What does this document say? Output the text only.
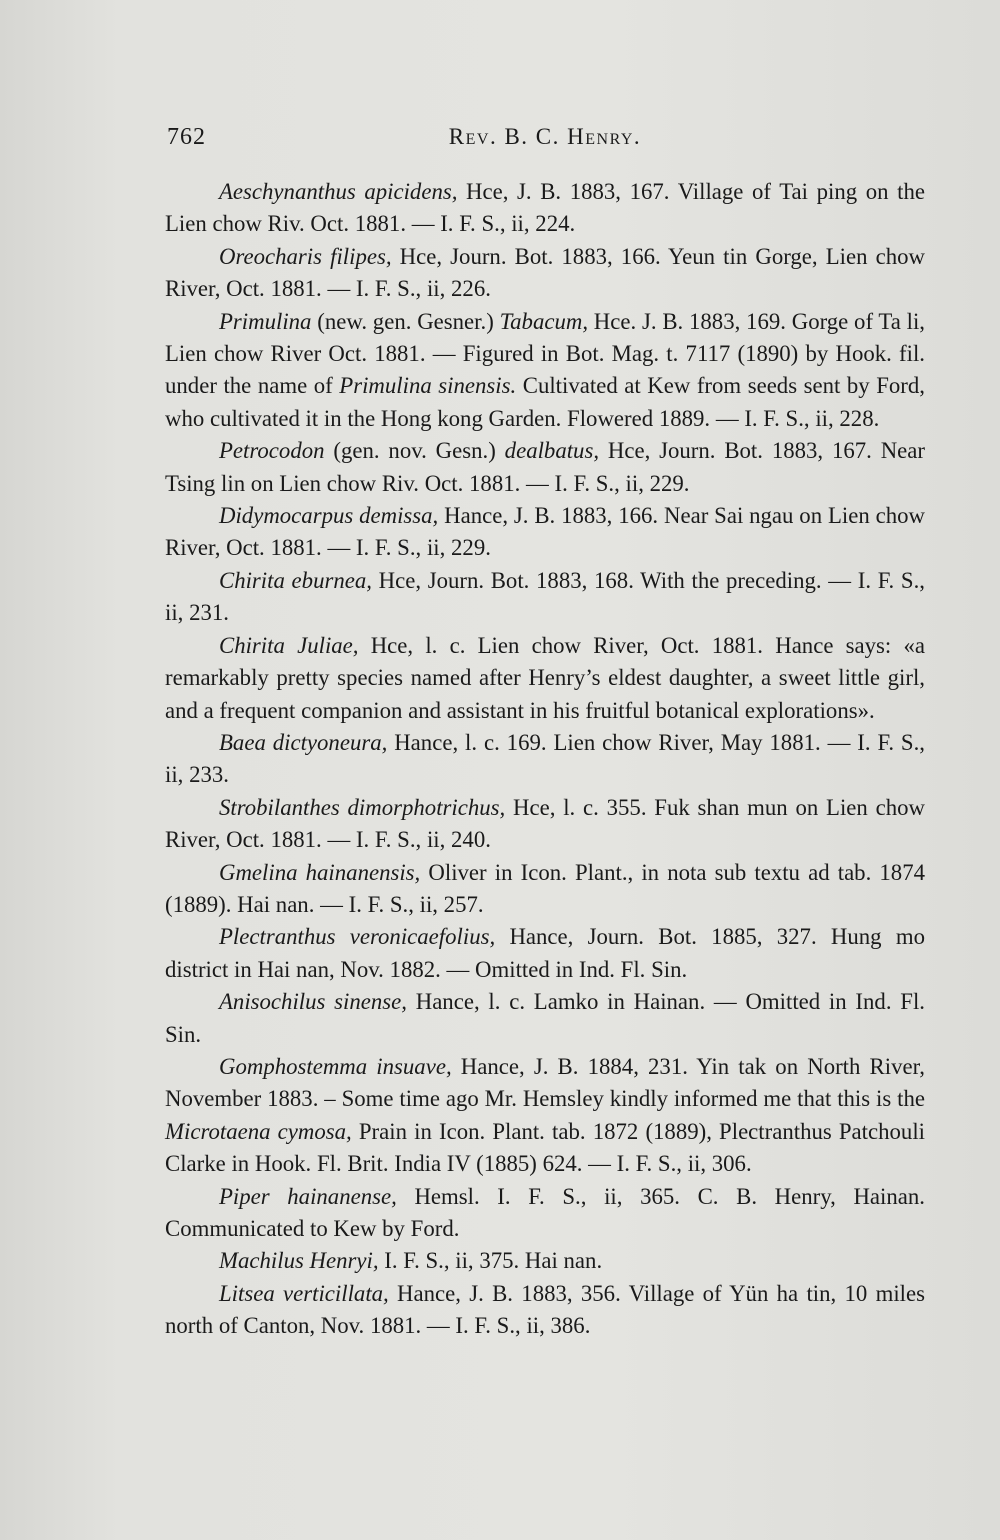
762	Rev. B. C. Henry.

Aeschynanthus apicidens, Hce, J. B. 1883, 167. Village of Tai ping on the Lien chow Riv. Oct. 1881. — I. F. S., ii, 224.

Oreocharis filipes, Hce, Journ. Bot. 1883, 166. Yeun tin Gorge, Lien chow River, Oct. 1881. — I. F. S., ii, 226.

Primulina (new. gen. Gesner.) Tabacum, Hce. J. B. 1883, 169. Gorge of Ta li, Lien chow River Oct. 1881. — Figured in Bot. Mag. t. 7117 (1890) by Hook. fil. under the name of Primulina sinensis. Cultivated at Kew from seeds sent by Ford, who cultivated it in the Hong kong Garden. Flowered 1889. — I. F. S., ii, 228.

Petrocodon (gen. nov. Gesn.) dealbatus, Hce, Journ. Bot. 1883, 167. Near Tsing lin on Lien chow Riv. Oct. 1881. — I. F. S., ii, 229.

Didymocarpus demissa, Hance, J. B. 1883, 166. Near Sai ngau on Lien chow River, Oct. 1881. — I. F. S., ii, 229.

Chirita eburnea, Hce, Journ. Bot. 1883, 168. With the preceding. — I. F. S., ii, 231.

Chirita Juliae, Hce, l. c. Lien chow River, Oct. 1881. Hance says: «a remarkably pretty species named after Henry’s eldest daughter, a sweet little girl, and a frequent companion and assistant in his fruitful botanical explorations».

Baea dictyoneura, Hance, l. c. 169. Lien chow River, May 1881. — I. F. S., ii, 233.

Strobilanthes dimorphotrichus, Hce, l. c. 355. Fuk shan mun on Lien chow River, Oct. 1881. — I. F. S., ii, 240.

Gmelina hainanensis, Oliver in Icon. Plant., in nota sub textu ad tab. 1874 (1889). Hai nan. — I. F. S., ii, 257.

Plectranthus veronicaefolius, Hance, Journ. Bot. 1885, 327. Hung mo district in Hai nan, Nov. 1882. — Omitted in Ind. Fl. Sin.

Anisochilus sinense, Hance, l. c. Lamko in Hainan. — Omitted in Ind. Fl. Sin.

Gomphostemma insuave, Hance, J. B. 1884, 231. Yin tak on North River, November 1883. – Some time ago Mr. Hemsley kindly informed me that this is the Microtaena cymosa, Prain in Icon. Plant. tab. 1872 (1889), Plectranthus Patchouli Clarke in Hook. Fl. Brit. India IV (1885) 624. — I. F. S., ii, 306.

Piper hainanense, Hemsl. I. F. S., ii, 365. C. B. Henry, Hainan. Communicated to Kew by Ford.

Machilus Henryi, I. F. S., ii, 375. Hai nan.

Litsea verticillata, Hance, J. B. 1883, 356. Village of Yün ha tin, 10 miles north of Canton, Nov. 1881. — I. F. S., ii, 386.
